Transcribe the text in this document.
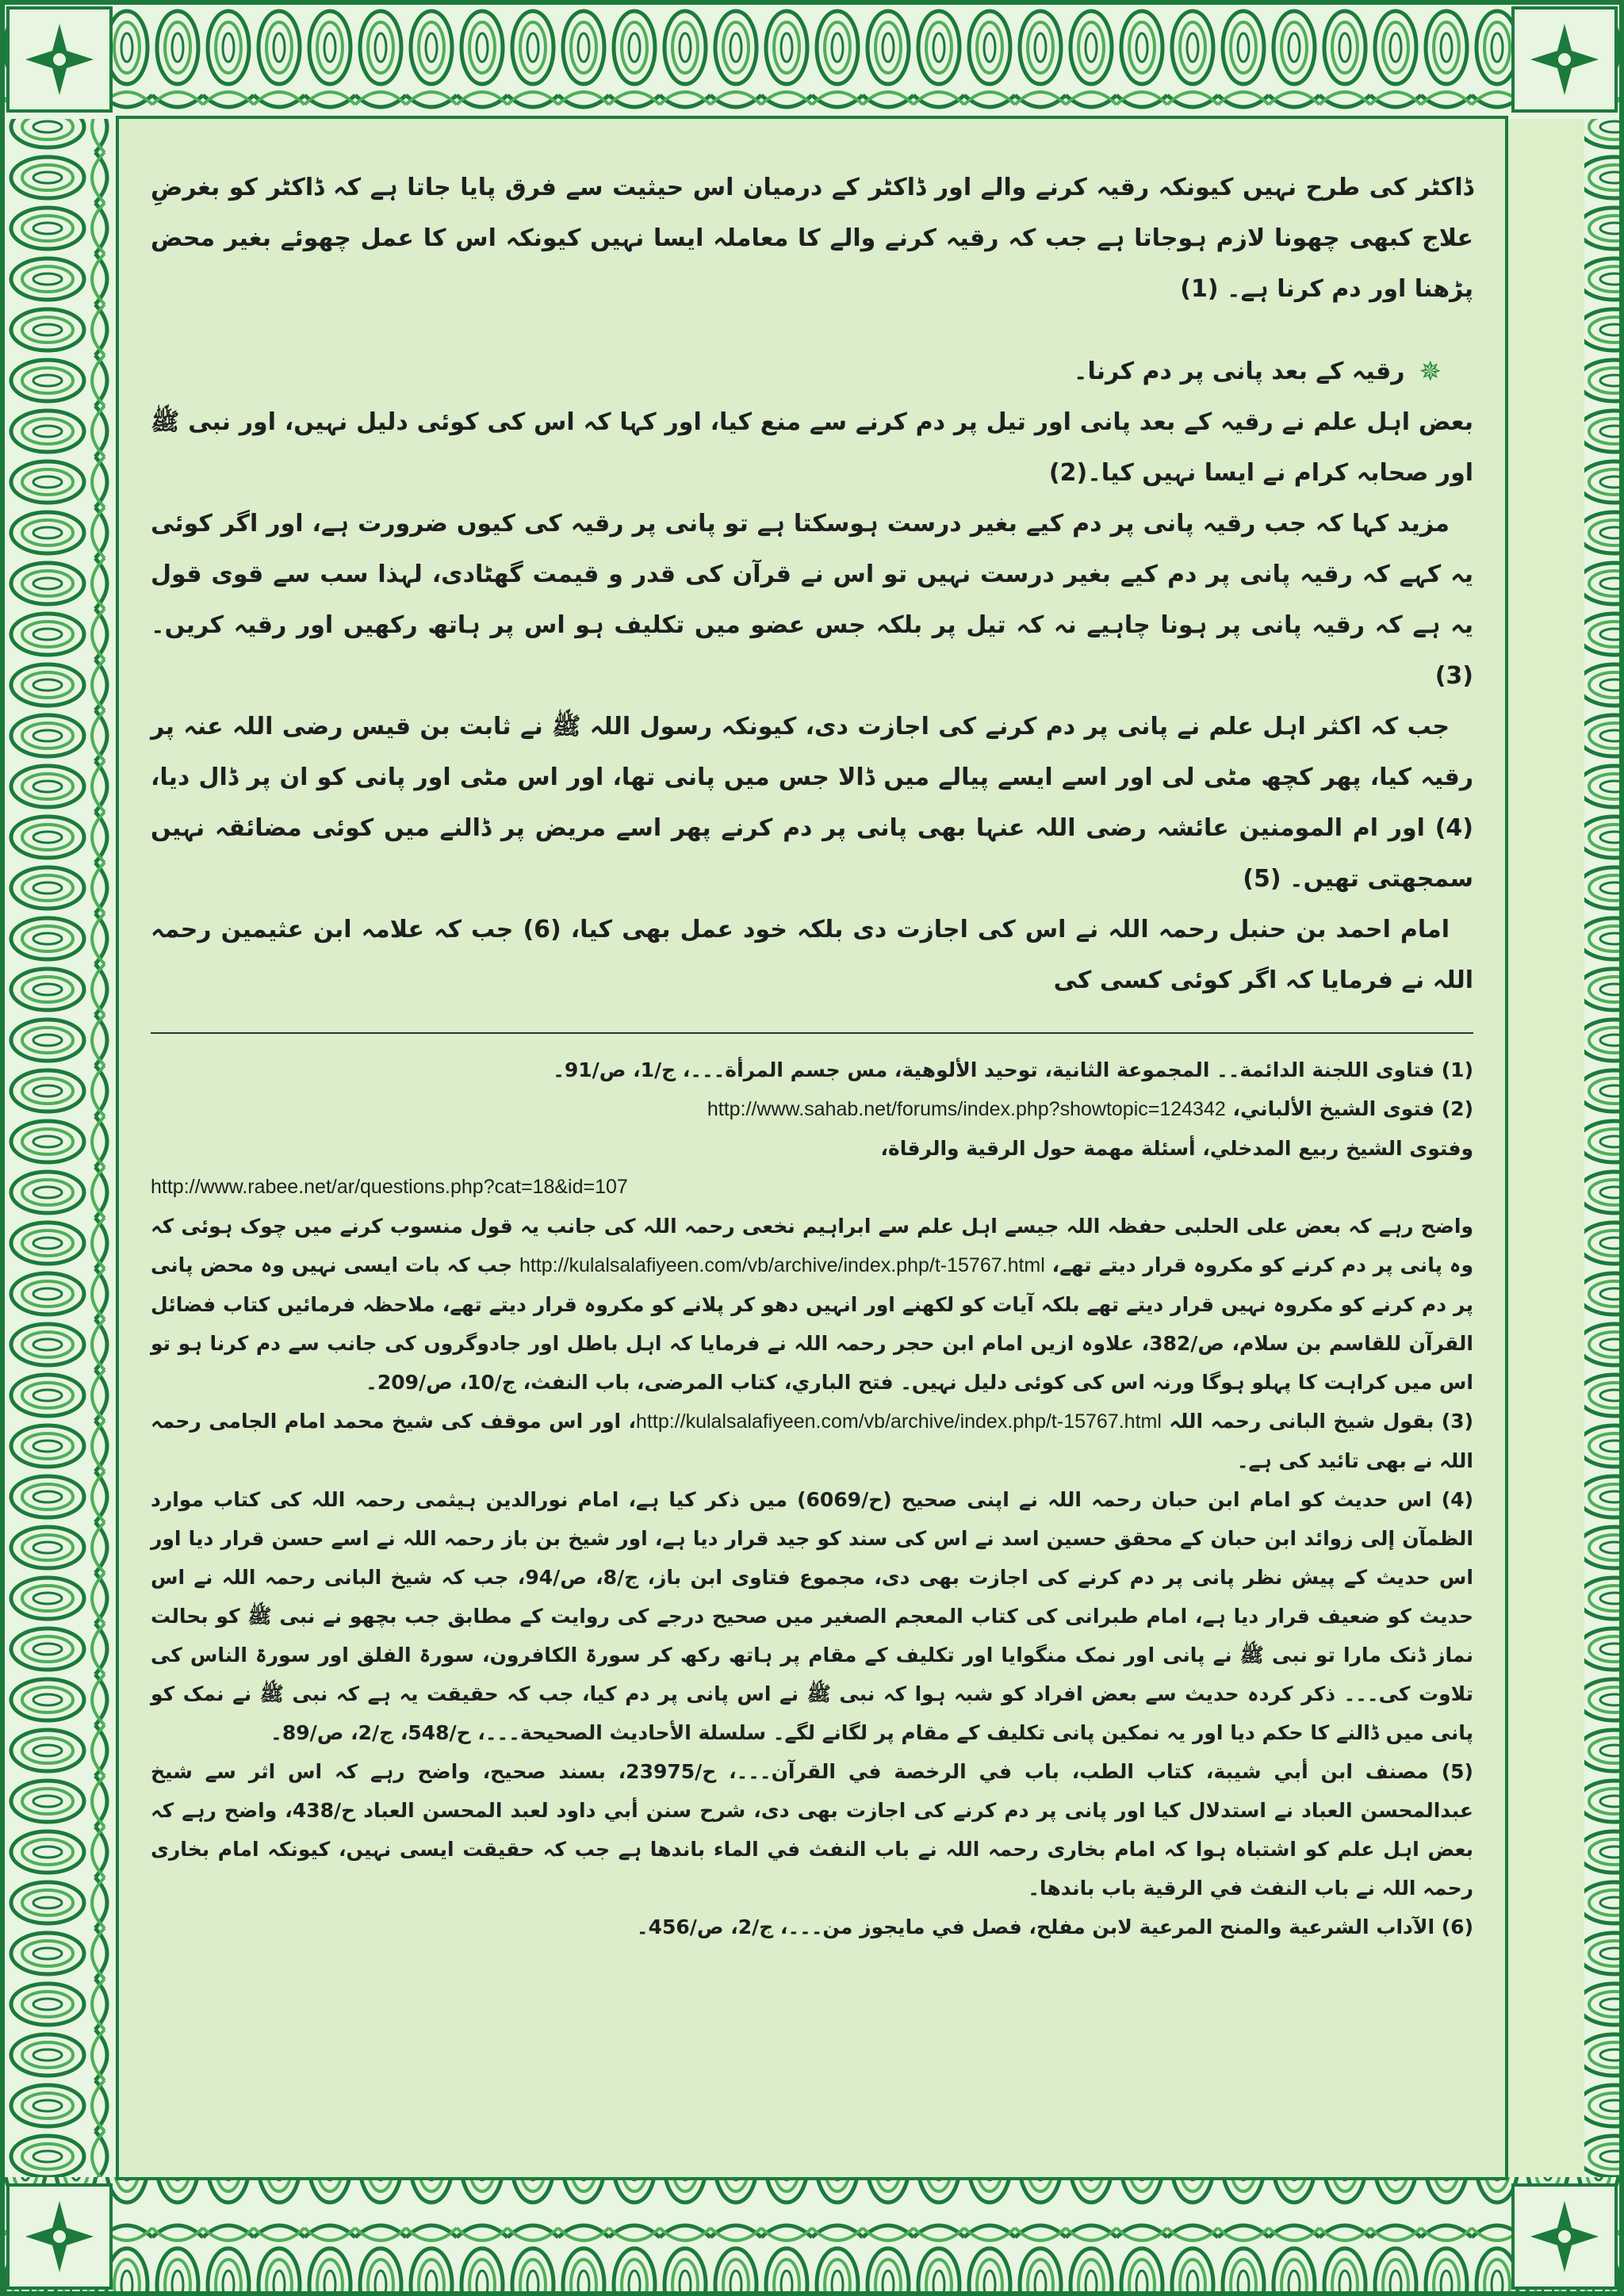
ڈاکٹر کی طرح نہیں کیونکہ رقیہ کرنے والے اور ڈاکٹر کے درمیان اس حیثیت سے فرق پایا جاتا ہے کہ ڈاکٹر کو بغرضِ علاج کبھی چھونا لازم ہوجاتا ہے جب کہ رقیہ کرنے والے کا معاملہ ایسا نہیں کیونکہ اس کا عمل چھوئے بغیر محض پڑھنا اور دم کرنا ہے۔ (1)

✵
رقیہ کے بعد پانی پر دم کرنا۔

بعض اہل علم نے رقیہ کے بعد پانی اور تیل پر دم کرنے سے منع کیا، اور کہا کہ اس کی کوئی دلیل نہیں، اور نبی ﷺ اور صحابہ کرام نے ایسا نہیں کیا۔(2)

مزید کہا کہ جب رقیہ پانی پر دم کیے بغیر درست ہوسکتا ہے تو پانی پر رقیہ کی کیوں ضرورت ہے، اور اگر کوئی یہ کہے کہ رقیہ پانی پر دم کیے بغیر درست نہیں تو اس نے قرآن کی قدر و قیمت گھٹادی، لہذا سب سے قوی قول یہ ہے کہ رقیہ پانی پر ہونا چاہیے نہ کہ تیل پر بلکہ جس عضو میں تکلیف ہو اس پر ہاتھ رکھیں اور رقیہ کریں۔ (3)

جب کہ اکثر اہل علم نے پانی پر دم کرنے کی اجازت دی، کیونکہ رسول اللہ ﷺ نے ثابت بن قیس رضی اللہ عنہ پر رقیہ کیا، پھر کچھ مٹی لی اور اسے ایسے پیالے میں ڈالا جس میں پانی تھا، اور اس مٹی اور پانی کو ان پر ڈال دیا، (4) اور ام المومنین عائشہ رضی اللہ عنہا بھی پانی پر دم کرنے پھر اسے مریض پر ڈالنے میں کوئی مضائقہ نہیں سمجھتی تھیں۔ (5)

امام احمد بن حنبل رحمہ اللہ نے اس کی اجازت دی بلکہ خود عمل بھی کیا، (6) جب کہ علامہ ابن عثیمین رحمہ اللہ نے فرمایا کہ اگر کوئی کسی کی

(1) فتاوی اللجنة الدائمة۔۔ المجموعة الثانية، توحيد الألوهية، مس جسم المرأة۔۔۔، ج/1، ص/91۔

(2) فتوی الشیخ الألباني، http://www.sahab.net/forums/index.php?showtopic=124342

وفتوى الشيخ ربيع المدخلي، أسئلة مهمة حول الرقية والرقاة،

http://www.rabee.net/ar/questions.php?cat=18&id=107

واضح رہے کہ بعض علی الحلبی حفظہ اللہ جیسے اہل علم سے ابراہیم نخعی رحمہ اللہ کی جانب یہ قول منسوب کرنے میں چوک ہوئی کہ وہ پانی پر دم کرنے کو مکروہ قرار دیتے تھے، http://kulalsalafiyeen.com/vb/archive/index.php/t-15767.html جب کہ بات ایسی نہیں وہ محض پانی پر دم کرنے کو مکروہ نہیں قرار دیتے تھے بلکہ آیات کو لکھنے اور انہیں دھو کر پلانے کو مکروہ قرار دیتے تھے، ملاحظہ فرمائیں کتاب فضائل القرآن للقاسم بن سلام، ص/382، علاوہ ازیں امام ابن حجر رحمہ اللہ نے فرمایا کہ اہل باطل اور جادوگروں کی جانب سے دم کرنا ہو تو اس میں کراہت کا پہلو ہوگا ورنہ اس کی کوئی دلیل نہیں۔ فتح الباري، کتاب المرضى، باب النفث، ج/10، ص/209۔

(3) بقول شیخ البانی رحمہ اللہ http://kulalsalafiyeen.com/vb/archive/index.php/t-15767.html، اور اس موقف کی شیخ محمد امام الجامی رحمہ اللہ نے بھی تائید کی ہے۔

(4) اس حدیث کو امام ابن حبان رحمہ اللہ نے اپنی صحیح (ح/6069) میں ذکر کیا ہے، امام نورالدین ہیثمی رحمہ اللہ کی کتاب موارد الظمآن إلی زوائد ابن حبان کے محقق حسین اسد نے اس کی سند کو جید قرار دیا ہے، اور شیخ بن باز رحمہ اللہ نے اسے حسن قرار دیا اور اس حدیث کے پیش نظر پانی پر دم کرنے کی اجازت بھی دی، مجموع فتاوی ابن باز، ج/8، ص/94، جب کہ شیخ البانی رحمہ اللہ نے اس حدیث کو ضعیف قرار دیا ہے، امام طبرانی کی کتاب المعجم الصغير میں صحیح درجے کی روایت کے مطابق جب بچھو نے نبی ﷺ کو بحالت نماز ڈنک مارا تو نبی ﷺ نے پانی اور نمک منگوایا اور تکلیف کے مقام پر ہاتھ رکھ کر سورۃ الکافرون، سورۃ الفلق اور سورۃ الناس کی تلاوت کی۔۔۔ ذکر کردہ حدیث سے بعض افراد کو شبہ ہوا کہ نبی ﷺ نے اس پانی پر دم کیا، جب کہ حقیقت یہ ہے کہ نبی ﷺ نے نمک کو پانی میں ڈالنے کا حکم دیا اور یہ نمکین پانی تکلیف کے مقام پر لگانے لگے۔ سلسلة الأحاديث الصحيحة۔۔۔، ح/548، ج/2، ص/89۔

(5) مصنف ابن أبي شيبة، كتاب الطب، باب في الرخصة في القرآن۔۔۔، ح/23975، بسند صحیح، واضح رہے کہ اس اثر سے شیخ عبدالمحسن العباد نے استدلال کیا اور پانی پر دم کرنے کی اجازت بھی دی، شرح سنن أبي داود لعبد المحسن العباد ح/438، واضح رہے کہ بعض اہل علم کو اشتباہ ہوا کہ امام بخاری رحمہ اللہ نے باب النفث في الماء باندھا ہے جب کہ حقیقت ایسی نہیں، کیونکہ امام بخاری رحمہ اللہ نے باب النفث في الرقية باب باندھا۔

(6) الآداب الشرعية والمنح المرعية لابن مفلح، فصل في مايجوز من۔۔۔، ج/2، ص/456۔
